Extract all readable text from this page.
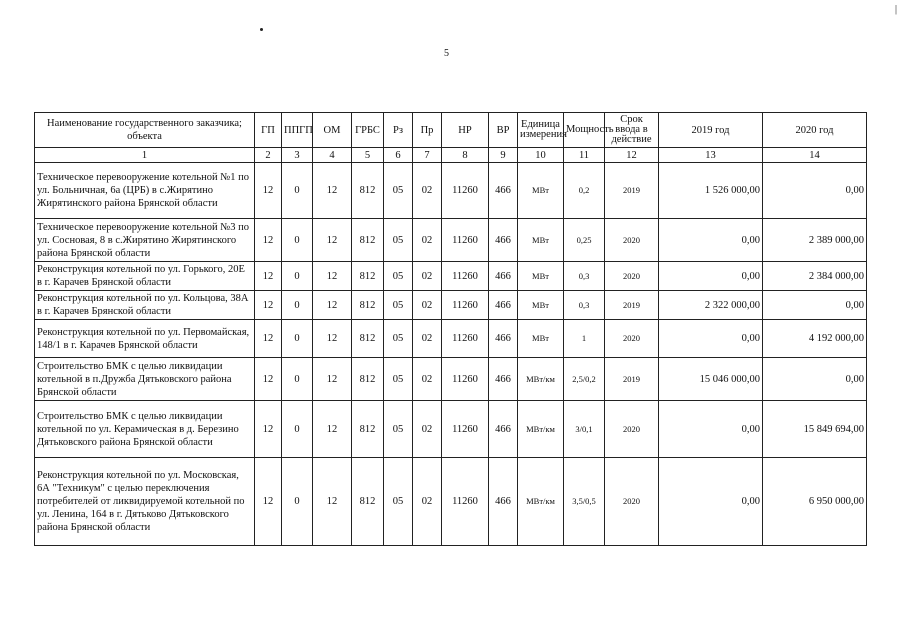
5
|
Наименование государственного заказчика; объекта	ГП	ППГП	ОМ	ГРБС	Рз	Пр	НР	ВР	Единица измерения	Мощность	Срок ввода в действие	2019 год	2020 год
1	2	3	4	5	6	7	8	9	10	11	12	13	14
Техническое перевооружение котельной №1 по ул. Больничная, 6а (ЦРБ) в с.Жирятино Жирятинского района Брянской области	12	0	12	812	05	02	11260	466	МВт	0,2	2019	1 526 000,00	0,00
Техническое перевооружение котельной №3 по ул. Сосновая, 8 в с.Жирятино Жирятинского района Брянской области	12	0	12	812	05	02	11260	466	МВт	0,25	2020	0,00	2 389 000,00
Реконструкция котельной по ул. Горького, 20Е в г. Карачев Брянской области	12	0	12	812	05	02	11260	466	МВт	0,3	2020	0,00	2 384 000,00
Реконструкция котельной по ул. Кольцова, 38А в г. Карачев Брянской области	12	0	12	812	05	02	11260	466	МВт	0,3	2019	2 322 000,00	0,00
Реконструкция котельной по ул. Первомайская, 148/1 в г. Карачев Брянской области	12	0	12	812	05	02	11260	466	МВт	1	2020	0,00	4 192 000,00
Строительство БМК с целью ликвидации котельной в п.Дружба Дятьковского района Брянской области	12	0	12	812	05	02	11260	466	МВт/км	2,5/0,2	2019	15 046 000,00	0,00
Строительство БМК с целью ликвидации котельной по ул. Керамическая в д. Березино Дятьковского района Брянской области	12	0	12	812	05	02	11260	466	МВт/км	3/0,1	2020	0,00	15 849 694,00
Реконструкция котельной по ул. Московская, 6А "Техникум" с целью переключения потребителей от ликвидируемой котельной по ул. Ленина, 164 в г. Дятьково Дятьковского района Брянской области	12	0	12	812	05	02	11260	466	МВт/км	3,5/0,5	2020	0,00	6 950 000,00
